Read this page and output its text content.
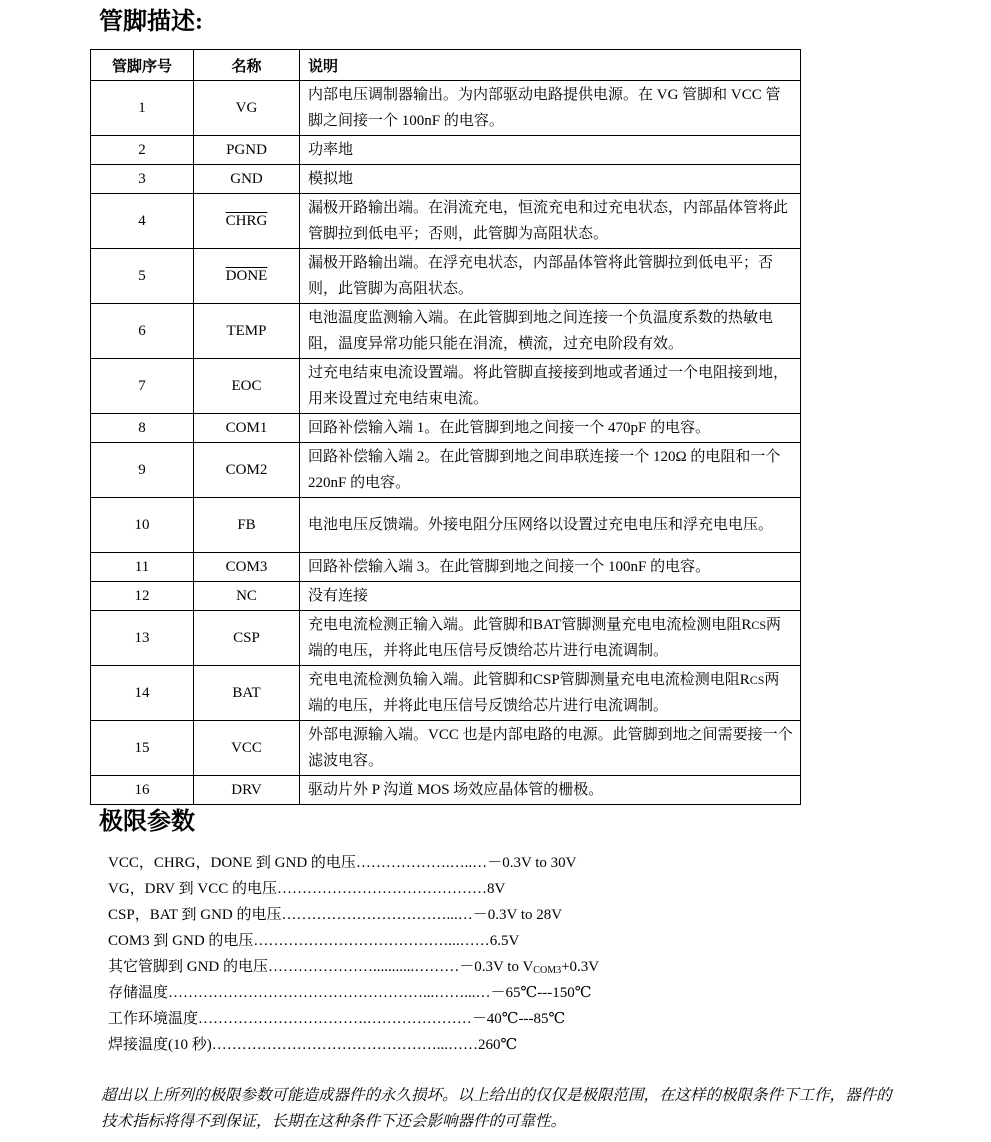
管脚描述:
管脚序号	名称	说明
1	VG	内部电压调制器输出。为内部驱动电路提供电源。在 VG 管脚和 VCC 管脚之间接一个 100nF 的电容。
2	PGND	功率地
3	GND	模拟地
4	CHRG	漏极开路输出端。在涓流充电，恒流充电和过充电状态，内部晶体管将此管脚拉到低电平；否则，此管脚为高阻状态。
5	DONE	漏极开路输出端。在浮充电状态，内部晶体管将此管脚拉到低电平；否则，此管脚为高阻状态。
6	TEMP	电池温度监测输入端。在此管脚到地之间连接一个负温度系数的热敏电阻，温度异常功能只能在涓流，横流，过充电阶段有效。
7	EOC	过充电结束电流设置端。将此管脚直接接到地或者通过一个电阻接到地，用来设置过充电结束电流。
8	COM1	回路补偿输入端 1。在此管脚到地之间接一个 470pF 的电容。
9	COM2	回路补偿输入端 2。在此管脚到地之间串联连接一个 120Ω 的电阻和一个 220nF 的电容。
10	FB	电池电压反馈端。外接电阻分压网络以设置过充电电压和浮充电电压。
11	COM3	回路补偿输入端 3。在此管脚到地之间接一个 100nF 的电容。
12	NC	没有连接
13	CSP	充电电流检测正输入端。此管脚和BAT管脚测量充电电流检测电阻RCS两端的电压，并将此电压信号反馈给芯片进行电流调制。
14	BAT	充电电流检测负输入端。此管脚和CSP管脚测量充电电流检测电阻RCS两端的电压，并将此电压信号反馈给芯片进行电流调制。
15	VCC	外部电源输入端。VCC 也是内部电路的电源。此管脚到地之间需要接一个滤波电容。
16	DRV	驱动片外 P 沟道 MOS 场效应晶体管的栅极。
极限参数
VCC，CHRG，DONE 到 GND 的电压……………….…..…－0.3V to 30V
VG，DRV 到 VCC 的电压……………………………………8V
CSP，BAT 到 GND 的电压……………………………...…－0.3V to 28V
COM3 到 GND 的电压…………………………………...……6.5V
其它管脚到 GND 的电压…………………...........………－0.3V to $V_{COM3}+0.3V$
存储温度……………………………………………...……...…－65℃---150℃
工作环境温度…………………………….…………………－40℃---85℃
焊接温度(10 秒)………………………………………...……260℃

超出以上所列的极限参数可能造成器件的永久损坏。以上给出的仅仅是极限范围，在这样的极限条件下工作，器件的技术指标将得不到保证，长期在这种条件下还会影响器件的可靠性。
